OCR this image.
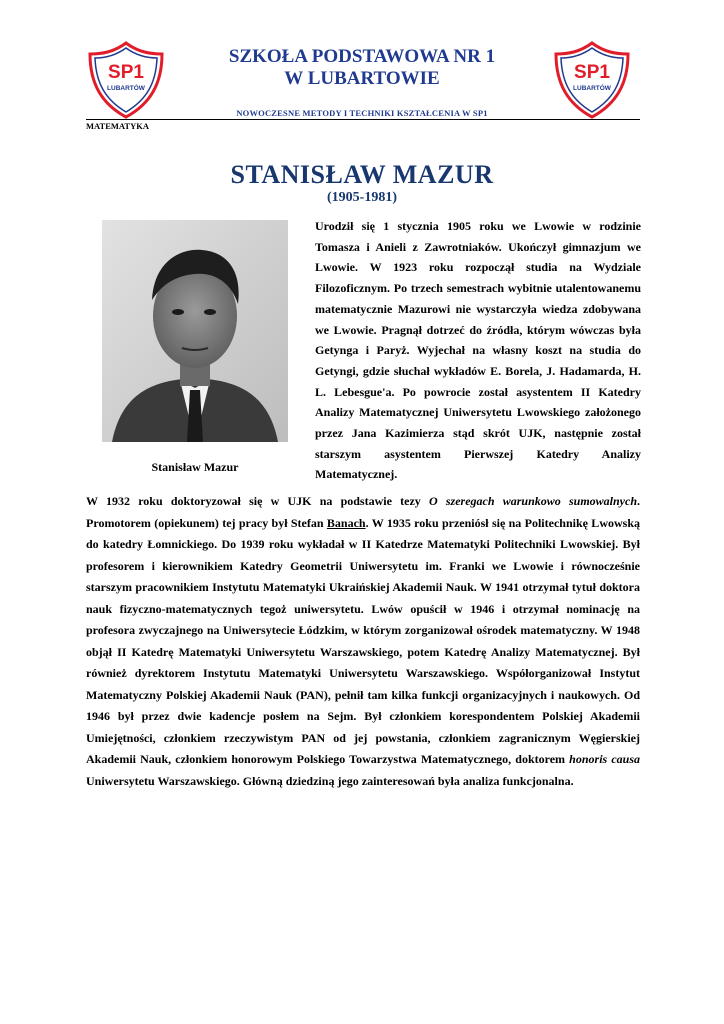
SP1
LUBARTÓW
SP1
LUBARTÓW
SZKOŁA PODSTAWOWA NR 1
W LUBARTOWIE
NOWOCZESNE METODY I TECHNIKI KSZTAŁCENIA W SP1
MATEMATYKA
STANISŁAW MAZUR
(1905-1981)
Stanisław Mazur
Urodził się 1 stycznia 1905 roku we Lwowie w rodzinie Tomasza i Anieli z Zawrotniaków. Ukończył gimnazjum we Lwowie. W 1923 roku rozpoczął studia na Wydziale Filozoficznym. Po trzech semestrach wybitnie utalentowanemu matematycznie Mazurowi nie wystarczyła wiedza zdobywana we Lwowie. Pragnął dotrzeć do źródła, którym wówczas była Getynga i Paryż. Wyjechał na własny koszt na studia do Getyngi, gdzie słuchał wykładów E. Borela, J. Hadamarda, H. L. Lebesgue'a. Po powrocie został asystentem II Katedry Analizy Matematycznej Uniwersytetu Lwowskiego założonego przez Jana Kazimierza stąd skrót UJK, następnie został starszym asystentem Pierwszej Katedry Analizy Matematycznej.
W 1932 roku doktoryzował się w UJK na podstawie tezy O szeregach warunkowo sumowalnych. Promotorem (opiekunem) tej pracy był Stefan Banach. W 1935 roku przeniósł się na Politechnikę Lwowską do katedry Łomnickiego. Do 1939 roku wykładał w II Katedrze Matematyki Politechniki Lwowskiej. Był profesorem i kierownikiem Katedry Geometrii Uniwersytetu im. Franki we Lwowie i równocześnie starszym pracownikiem Instytutu Matematyki Ukraińskiej Akademii Nauk. W 1941 otrzymał tytuł doktora nauk fizyczno-matematycznych tegoż uniwersytetu. Lwów opuścił w 1946 i otrzymał nominację na profesora zwyczajnego na Uniwersytecie Łódzkim, w którym zorganizował ośrodek matematyczny. W 1948 objął II Katedrę Matematyki Uniwersytetu Warszawskiego, potem Katedrę Analizy Matematycznej. Był również dyrektorem Instytutu Matematyki Uniwersytetu Warszawskiego. Współorganizował Instytut Matematyczny Polskiej Akademii Nauk (PAN), pełnił tam kilka funkcji organizacyjnych i naukowych. Od 1946 był przez dwie kadencje posłem na Sejm. Był członkiem korespondentem Polskiej Akademii Umiejętności, członkiem rzeczywistym PAN od jej powstania, członkiem zagranicznym Węgierskiej Akademii Nauk, członkiem honorowym Polskiego Towarzystwa Matematycznego, doktorem honoris causa Uniwersytetu Warszawskiego. Główną dziedziną jego zainteresowań była analiza funkcjonalna.
